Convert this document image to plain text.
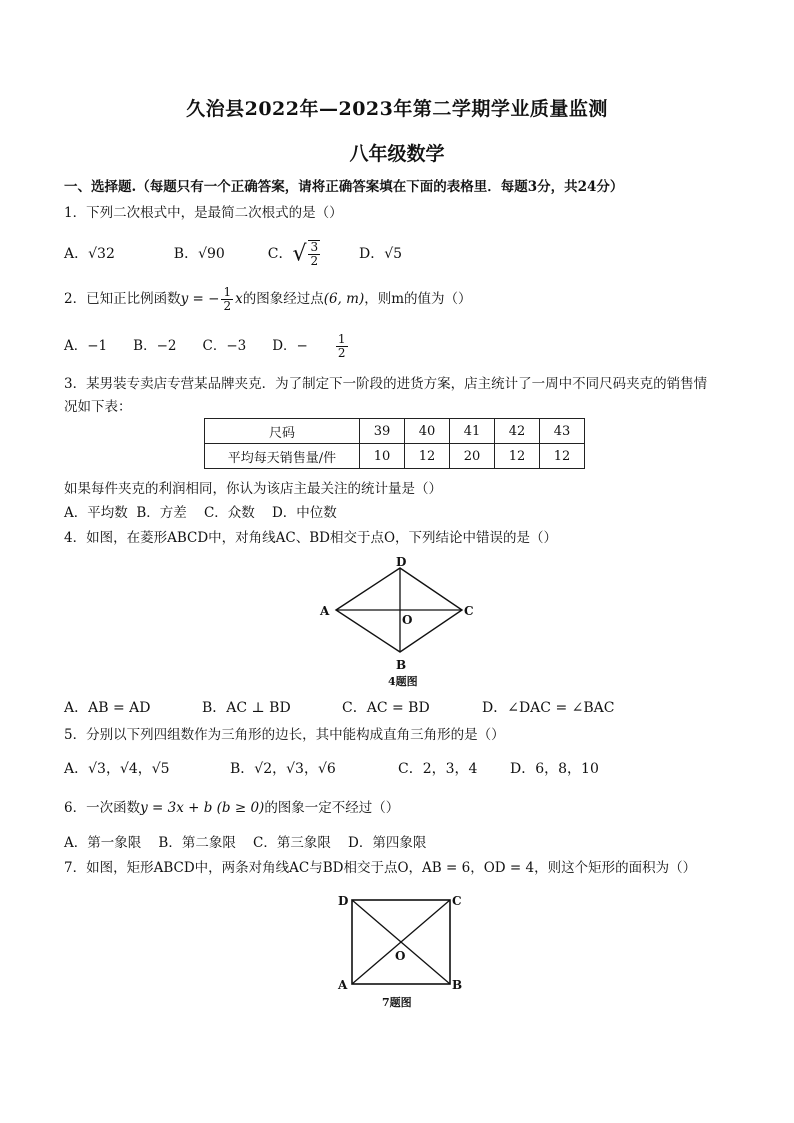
久治县2022年—2023年第二学期学业质量监测
八年级数学
一、选择题.（每题只有一个正确答案，请将正确答案填在下面的表格里．每题3分，共24分）
1．下列二次根式中，是最简二次根式的是（）
A．√32	B．√90	C．√ $\frac{3}{2}$	D．√5
2．已知正比例函数y = − $\frac{1}{2}$ x的图象经过点(6, m)，则m的值为（）
A．−1 B．−2 C．−3 D．− $\frac{1}{2}$
3．某男装专卖店专营某品牌夹克．为了制定下一阶段的进货方案，店主统计了一周中不同尺码夹克的销售情
况如下表：
尺码	39	40	41	42	43
平均每天销售量/件	10	12	20	12	12
如果每件夹克的利润相同，你认为该店主最关注的统计量是（）
A．平均数 B．方差 C．众数 D．中位数
4．如图，在菱形ABCD中，对角线AC、BD相交于点O，下列结论中错误的是（）
A
B
C
D
O
4题图
A．AB = AD	B．AC ⊥ BD	C．AC = BD	D．∠DAC = ∠BAC
5．分别以下列四组数作为三角形的边长，其中能构成直角三角形的是（）
A．√3，√4，√5	B．√2，√3，√6	C．2，3，4 D．6，8，10
6．一次函数y = 3x + b (b ≥ 0)的图象一定不经过（）
A．第一象限 B．第二象限 C．第三象限 D．第四象限
7．如图，矩形ABCD中，两条对角线AC与BD相交于点O，AB = 6，OD = 4，则这个矩形的面积为（）
A	B
C
D
O
7题图
